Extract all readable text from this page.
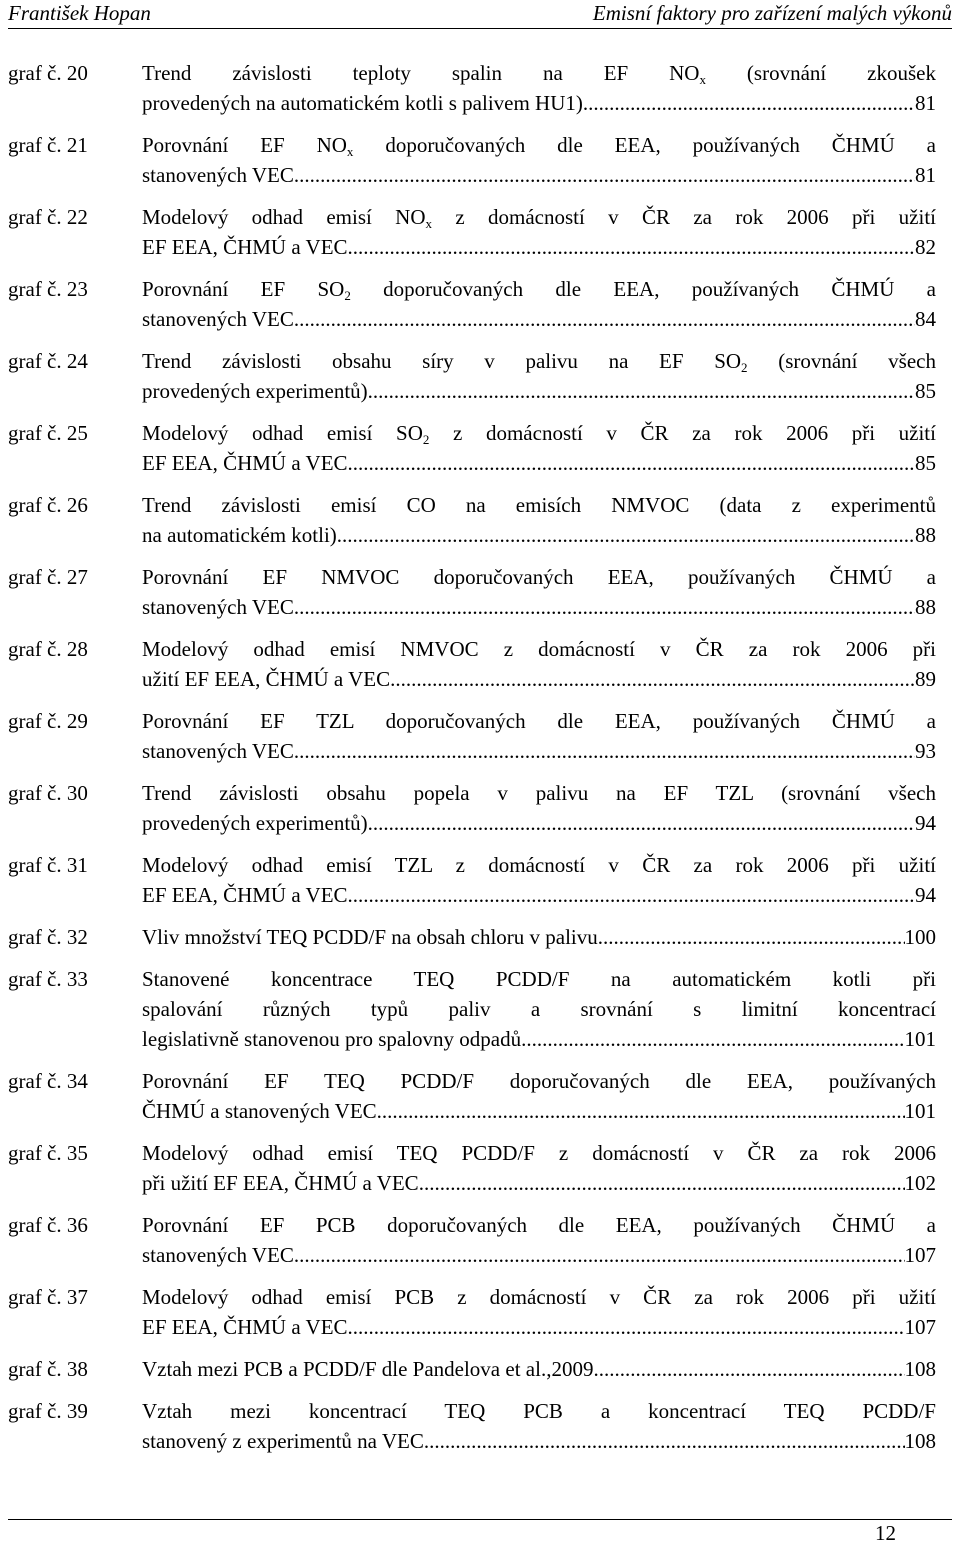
František Hopan	Emisní faktory pro zařízení malých výkonů
graf č. 20	Trend závislosti teploty spalin na EF $NO_x$ (srovnání zkoušek
provedených na automatickém kotli s palivem HU1) .....	81
graf č. 21	Porovnání EF $NO_x$ doporučovaných dle EEA, používaných ČHMÚ a
stanovených VEC .....	81
graf č. 22	Modelový odhad emisí $NO_x$ z domácností v ČR za rok 2006 při užití
EF EEA, ČHMÚ a VEC .....	82
graf č. 23	Porovnání EF $SO_2$ doporučovaných dle EEA, používaných ČHMÚ a
stanovených VEC .....	84
graf č. 24	Trend závislosti obsahu síry v palivu na EF $SO_2$ (srovnání všech
provedených experimentů) .....	85
graf č. 25	Modelový odhad emisí $SO_2$ z domácností v ČR za rok 2006 při užití
EF EEA, ČHMÚ a VEC .....	85
graf č. 26	Trend závislosti emisí CO na emisích NMVOC (data z experimentů
na automatickém kotli) .....	88
graf č. 27	Porovnání EF NMVOC doporučovaných EEA, používaných ČHMÚ a
stanovených VEC .....	88
graf č. 28	Modelový odhad emisí NMVOC z domácností v ČR za rok 2006 při
užití EF EEA, ČHMÚ a VEC .....	89
graf č. 29	Porovnání EF TZL doporučovaných dle EEA, používaných ČHMÚ a
stanovených VEC .....	93
graf č. 30	Trend závislosti obsahu popela v palivu na EF TZL (srovnání všech
provedených experimentů) .....	94
graf č. 31	Modelový odhad emisí TZL z domácností v ČR za rok 2006 při užití
EF EEA, ČHMÚ a VEC .....	94
graf č. 32	Vliv množství TEQ PCDD/F na obsah chloru v palivu .....	100
graf č. 33	Stanovené koncentrace TEQ PCDD/F na automatickém kotli při
spalování různých typů paliv a srovnání s limitní koncentrací
legislativně stanovenou pro spalovny odpadů .....	101
graf č. 34	Porovnání EF TEQ PCDD/F doporučovaných dle EEA, používaných
ČHMÚ a stanovených VEC .....	101
graf č. 35	Modelový odhad emisí TEQ PCDD/F z domácností v ČR za rok 2006
při užití EF EEA, ČHMÚ a VEC .....	102
graf č. 36	Porovnání EF PCB doporučovaných dle EEA, používaných ČHMÚ a
stanovených VEC .....	107
graf č. 37	Modelový odhad emisí PCB z domácností v ČR za rok 2006 při užití
EF EEA, ČHMÚ a VEC .....	107
graf č. 38	Vztah mezi PCB a PCDD/F dle Pandelova et al.,2009 .....	108
graf č. 39	Vztah mezi koncentrací TEQ PCB a koncentrací TEQ PCDD/F
stanovený z experimentů na VEC .....	108
12
